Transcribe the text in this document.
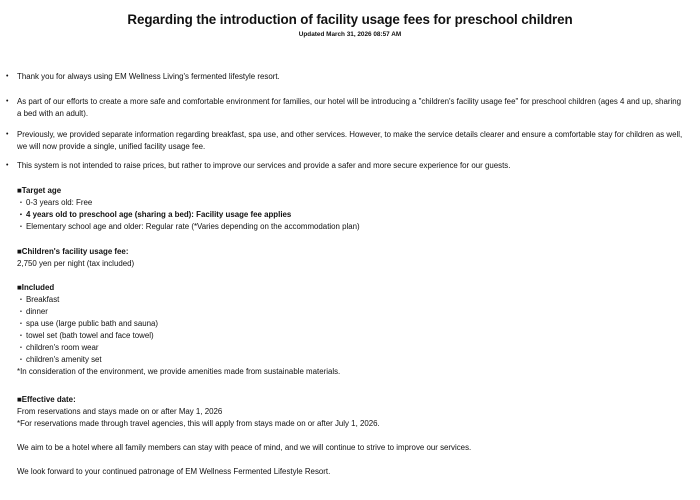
Regarding the introduction of facility usage fees for preschool children
Updated March 31, 2026 08:57 AM
•	Thank you for always using EM Wellness Living's fermented lifestyle resort.
•	As part of our efforts to create a more safe and comfortable environment for families, our hotel will be introducing a "children's facility usage fee" for preschool children (ages 4 and up, sharing a bed with an adult).
•	Previously, we provided separate information regarding breakfast, spa use, and other services. However, to make the service details clearer and ensure a comfortable stay for children as well, we will now provide a single, unified facility usage fee.
•	This system is not intended to raise prices, but rather to improve our services and provide a safer and more secure experience for our guests.
■Target age
・0-3 years old: Free
・4 years old to preschool age (sharing a bed): Facility usage fee applies
・Elementary school age and older: Regular rate (*Varies depending on the accommodation plan)
■Children's facility usage fee:
2,750 yen per night (tax included)
■Included
・Breakfast
・dinner
・spa use (large public bath and sauna)
・towel set (bath towel and face towel)
・children's room wear
・children's amenity set
*In consideration of the environment, we provide amenities made from sustainable materials.
■Effective date:
From reservations and stays made on or after May 1, 2026
*For reservations made through travel agencies, this will apply from stays made on or after July 1, 2026.
We aim to be a hotel where all family members can stay with peace of mind, and we will continue to strive to improve our services.
We look forward to your continued patronage of EM Wellness Fermented Lifestyle Resort.
